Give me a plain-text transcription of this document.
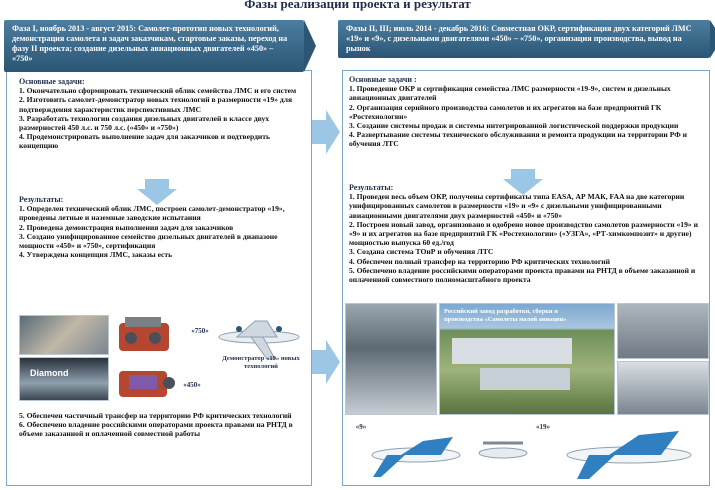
Фазы реализации проекта и результат
Основные задачи:
1. Окончательно сформировать технический облик семейства ЛМС и его систем
2. Изготовить самолет-демонстратор новых технологий в размерности «19» для подтверждения характеристик перспективных ЛМС
3. Разработать технологии создания дизельных двигателей в классе двух размерностей 450 л.с. и 750 л.с. («450» и «750»)
4. Продемонстрировать выполнение задач для заказчиков и подтвердить концепцию
Результаты:
1. Определен технический облик ЛМС, построен самолет-демонстратор «19», проведены летные и наземные заводские испытания
2. Проведена демонстрация выполнения задач для заказчиков
3. Создано унифицированное семейство дизельных двигателей в диапазоне мощности «450» и «750», сертификация
4. Утверждена концепция ЛМС, заказы есть
Diamond
«750»
«450»
Демонстратор «19» новых технологий
5. Обеспечен частичный трансфер на территорию РФ критических технологий
6. Обеспечено владение российскими операторами проекта правами на РНТД в объеме заказанной и оплаченной совместной работы
Фаза I, ноябрь 2013 - август 2015: Самолет-прототип новых технологий, демонстрация самолета и задач заказчикам, стартовые заказы, переход на фазу II проекта; создание дизельных авиационных двигателей «450» – «750»
Основные задачи :
1. Проведение ОКР и сертификация семейства ЛМС размерности «19-9», систем и дизельных авиационных двигателей
2. Организация серийного производства самолетов и их агрегатов на базе предприятий ГК «Ростехнологии»
3. Создание системы продаж и системы интегрированной логистической поддержки продукции
4. Развертывание системы технического обслуживания и ремонта продукции на территории РФ и обучения ЛТС
Результаты:
1. Проведен весь объем ОКР, получены сертификаты типа EASA, АР МАК, FAA на две категории унифицированных самолетов в размерности «19» и «9» с дизельными унифицированными авиационными двигателями двух размерностей «450» и «750»
2. Построен новый завод, организовано и одобрено новое производство самолетов размерности «19» и «9» и их агрегатов на базе предприятий ГК «Ростехнологии» («УЗГА», «РТ-химкомпозит» и другие) мощностью выпуска 60 ед./год
3. Создана система ТОиР и обучения ЛТС
4. Обеспечен полный трансфер на территорию РФ критических технологий
5. Обеспечено владение российскими операторами проекта правами на РНТД в объеме заказанной и оплаченной совместного полномасштабного проекта
Российский завод разработки, сборки и производства «Самолеты малой авиации»
«9»	«19»
Фазы II, III; июль 2014 - декабрь 2016: Совместная ОКР, сертификация двух категорий ЛМС «19» и «9», с дизельными двигателями «450» – «750», организация производства, вывод на рынок
